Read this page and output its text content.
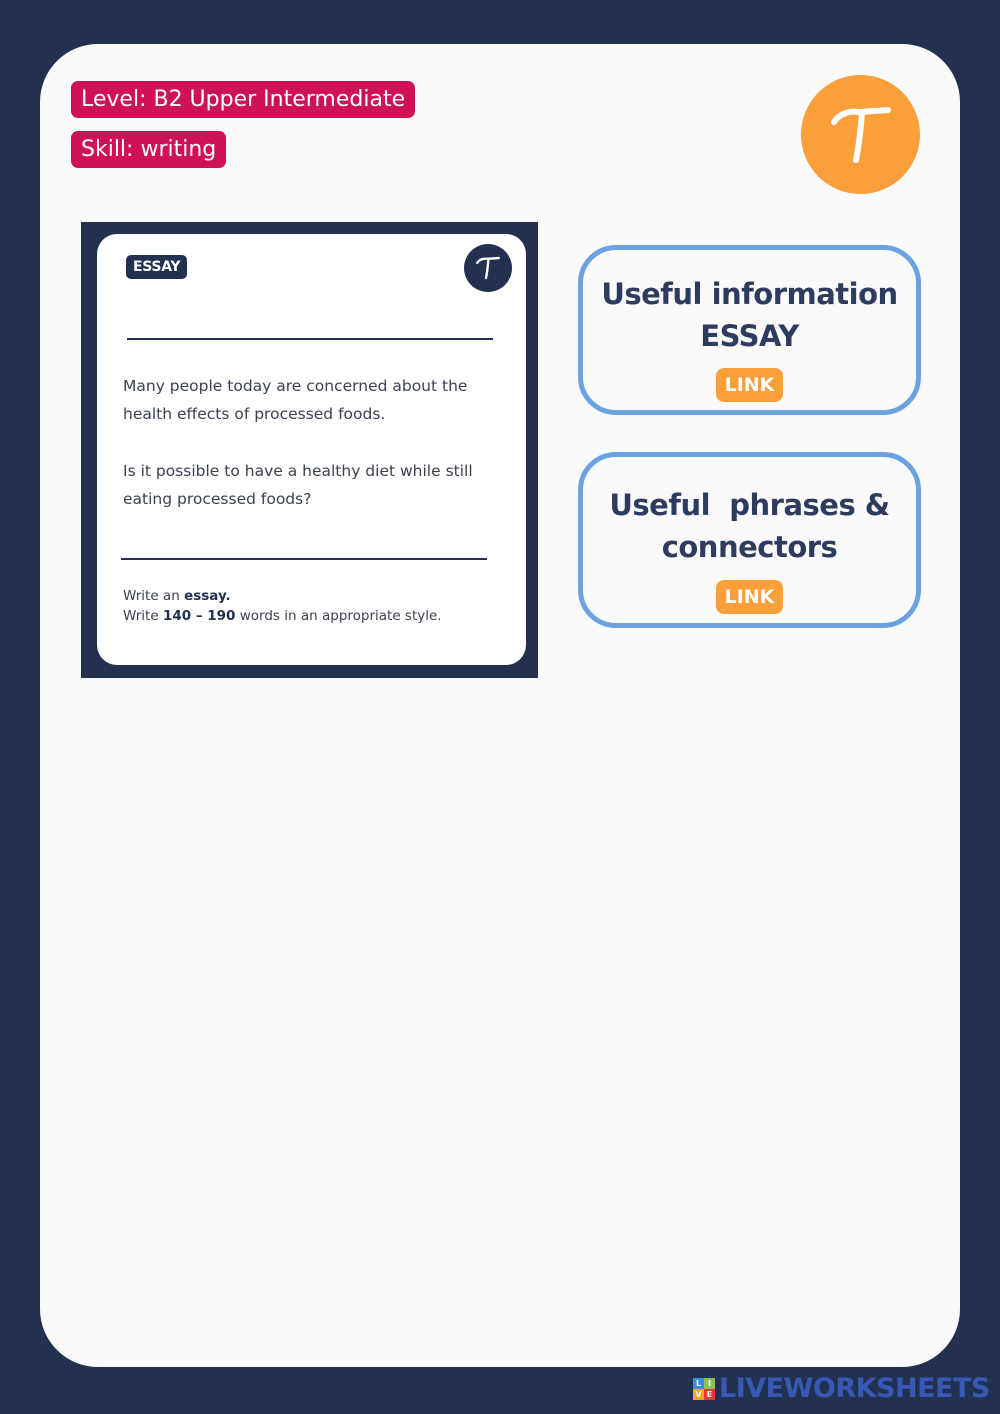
Level: B2 Upper Intermediate
Skill: writing
ESSAY

Many people today are concerned about the health effects of processed foods.

Is it possible to have a healthy diet while still eating processed foods?

Write an essay.
Write 140 – 190 words in an appropriate style.
Useful information
ESSAY
LINK
Useful  phrases &
connectors
LINK
L I
V E LIVEWORKSHEETS
